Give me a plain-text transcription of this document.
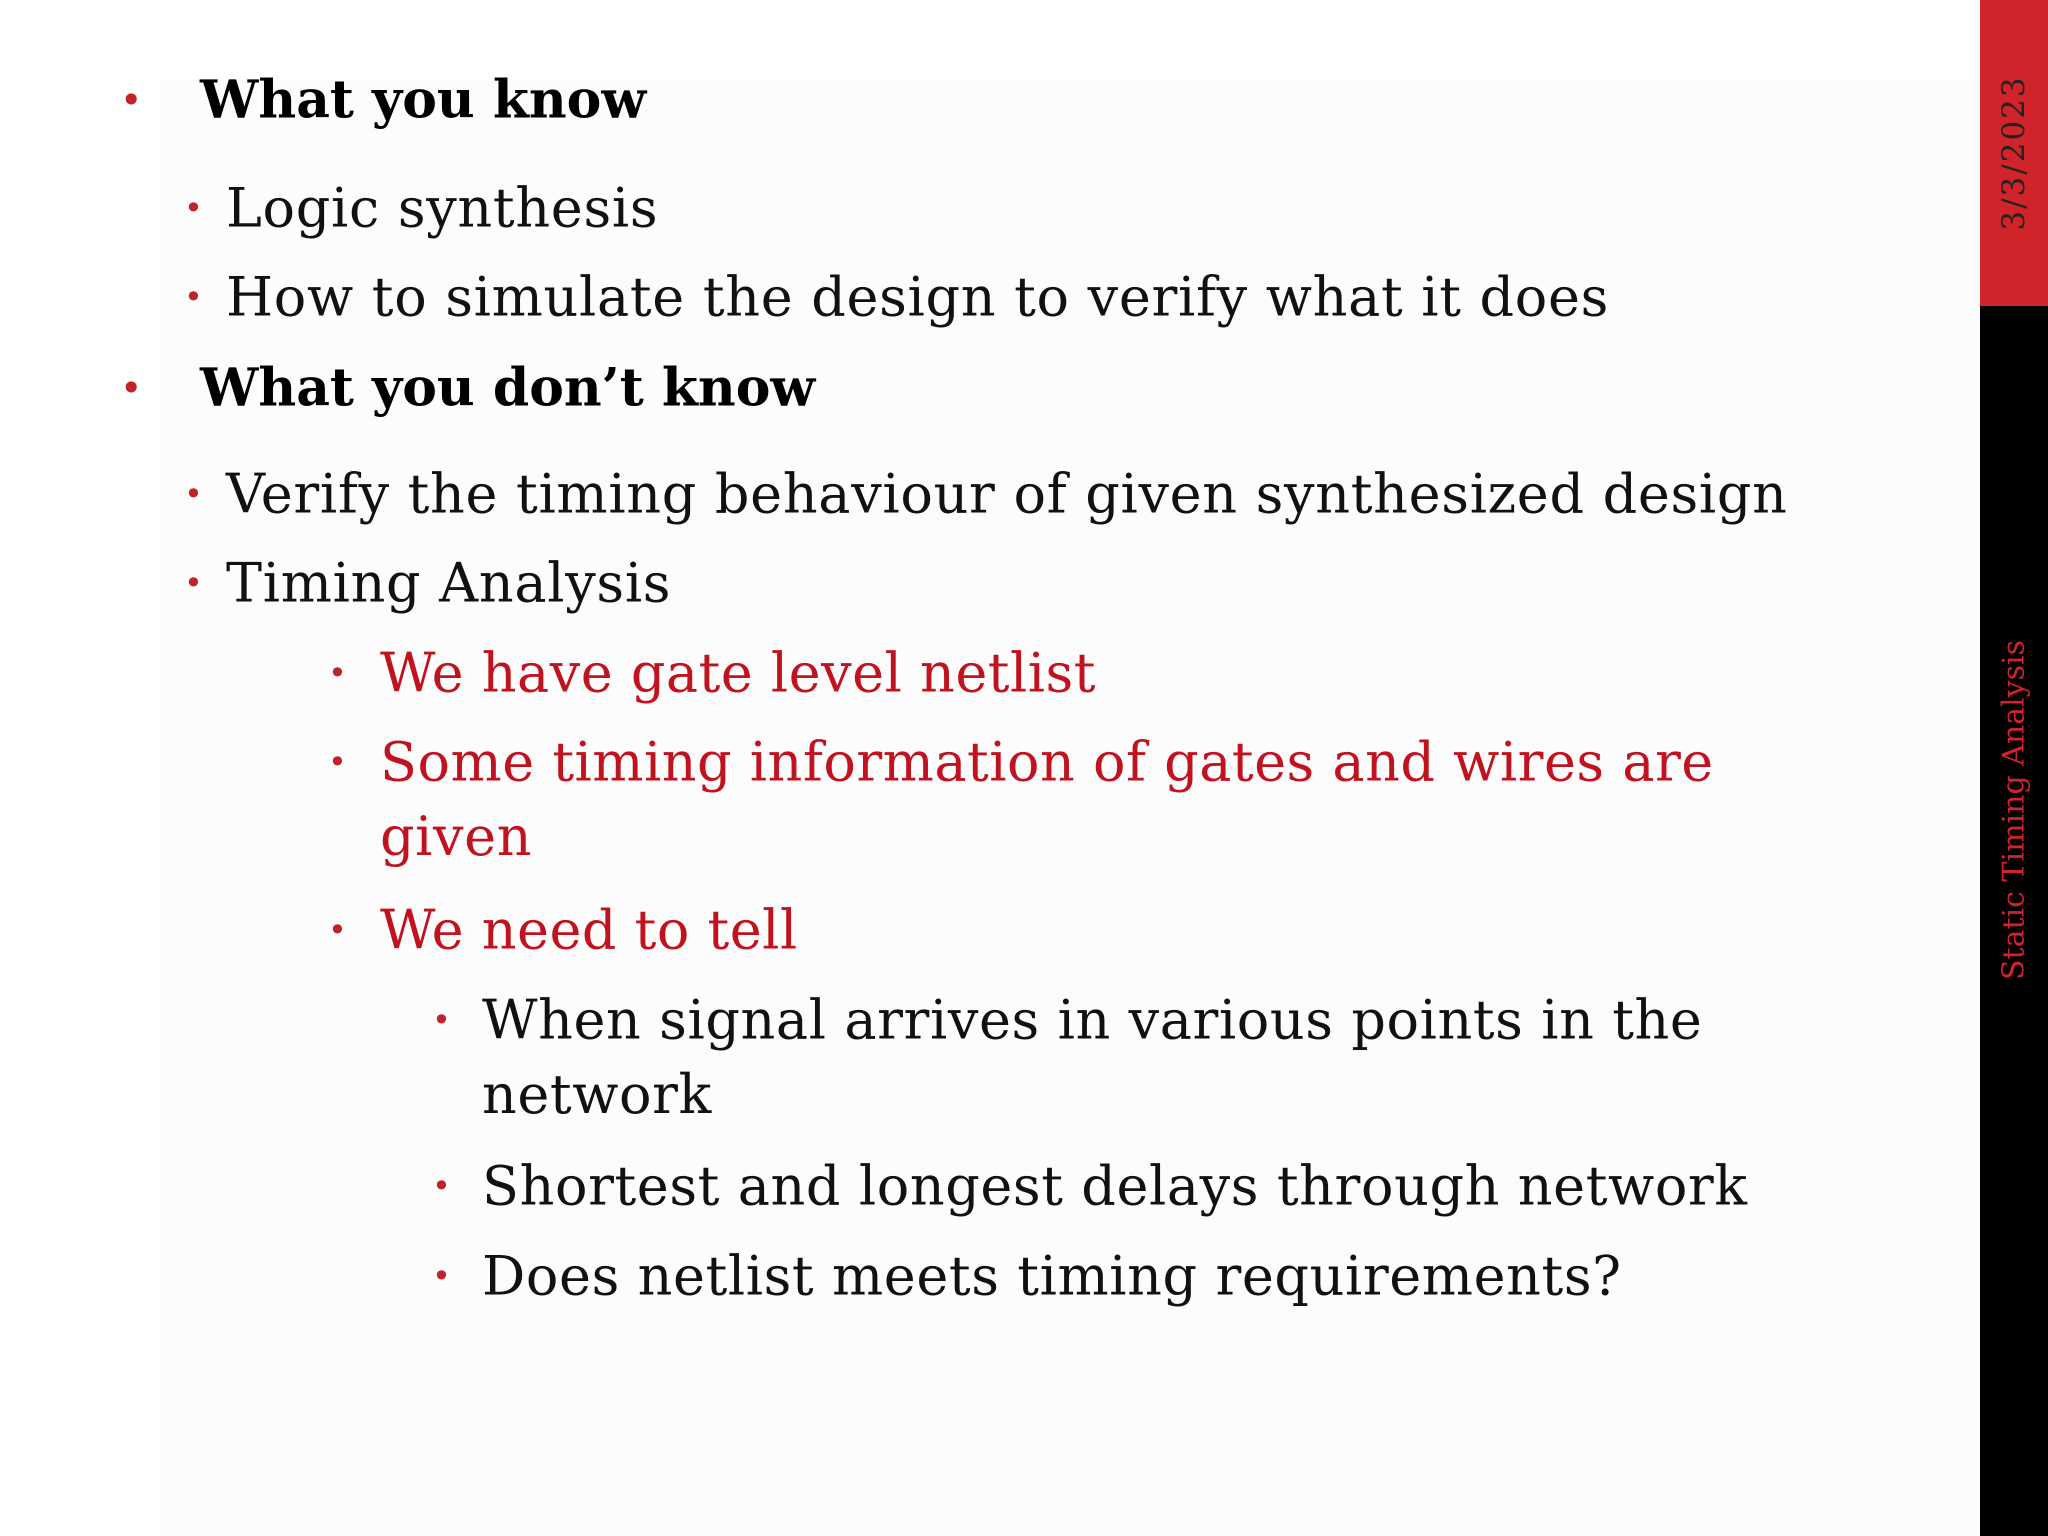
3/3/2023
Static Timing Analysis
• What you know
• Logic synthesis
• How to simulate the design to verify what it does
• What you don’t know
• Verify the timing behaviour of given synthesized design
• Timing Analysis
• We have gate level netlist
• Some timing information of gates and wires are
given
• We need to tell
• When signal arrives in various points in the
network
• Shortest and longest delays through network
• Does netlist meets timing requirements?
